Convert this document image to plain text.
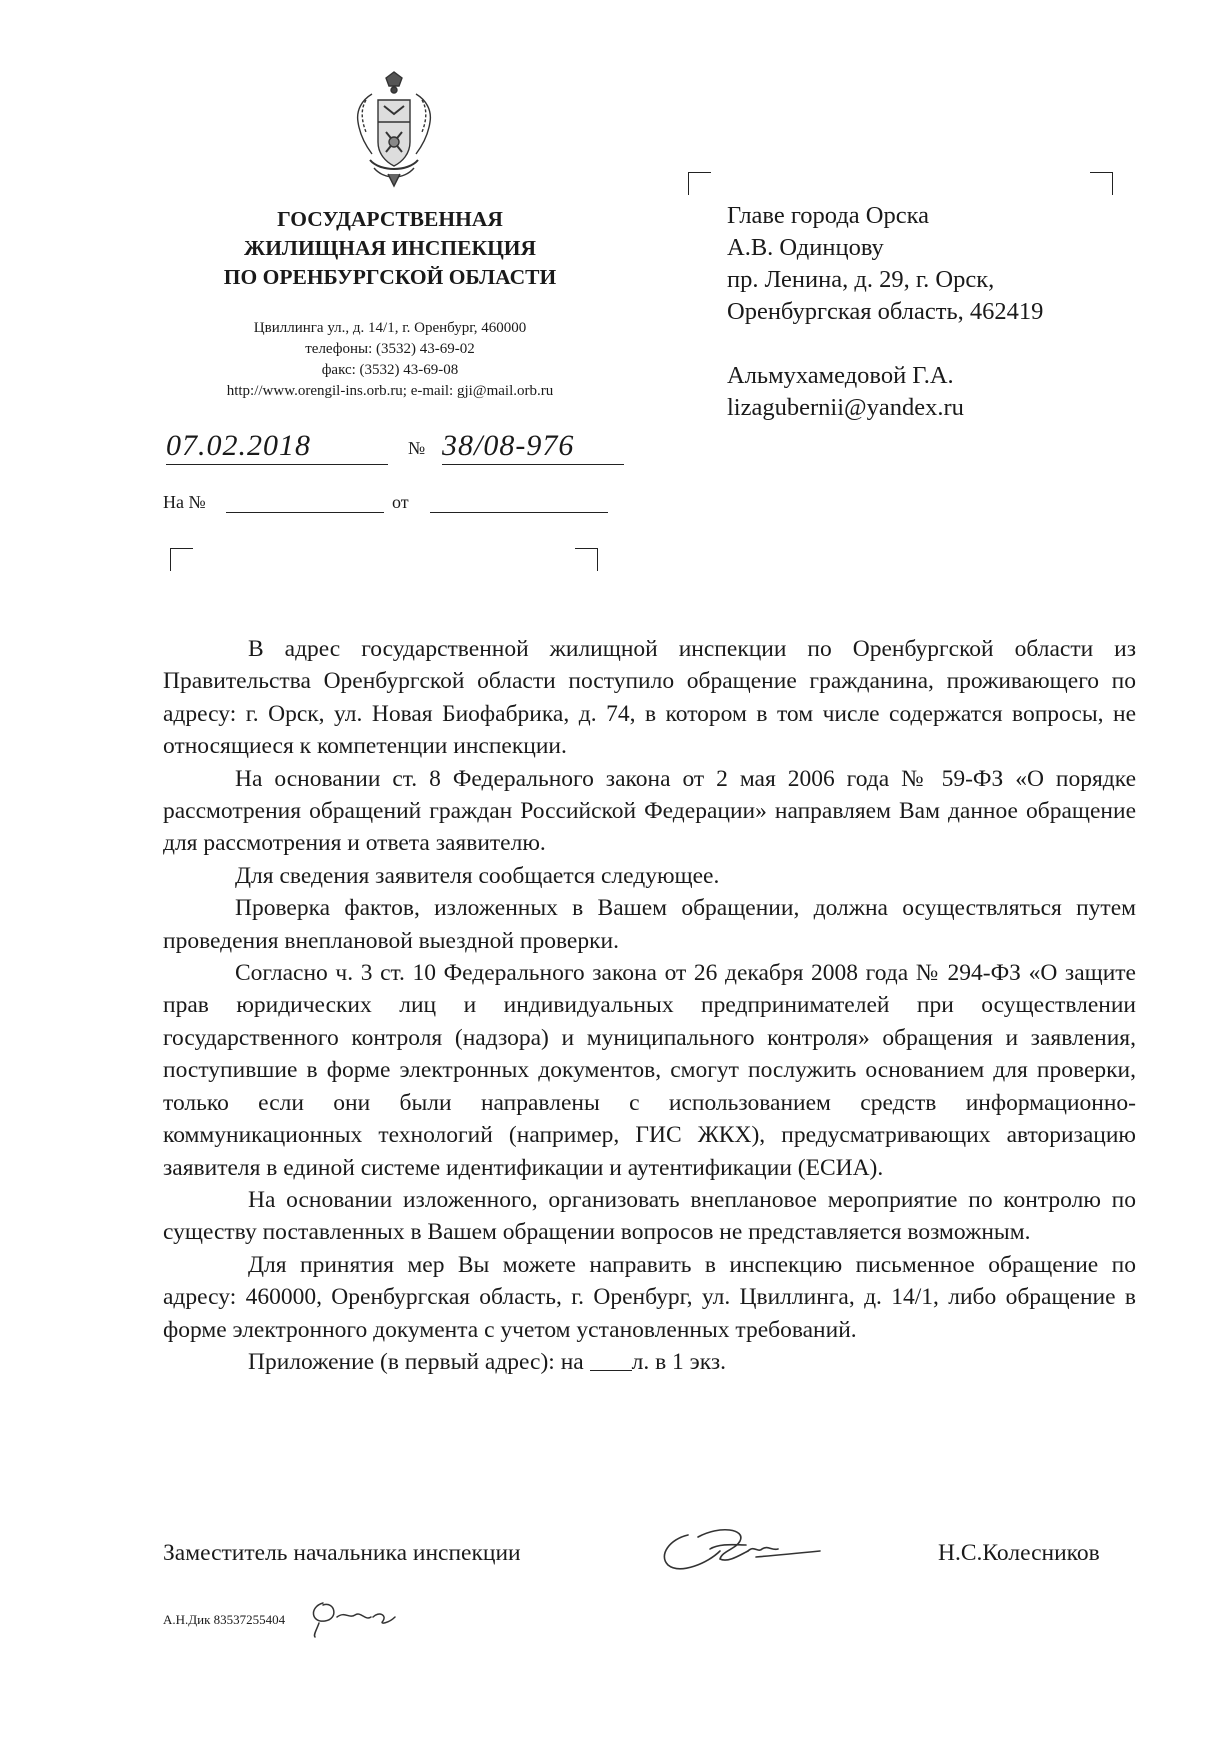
ГОСУДАРСТВЕННАЯ
ЖИЛИЩНАЯ ИНСПЕКЦИЯ
ПО ОРЕНБУРГСКОЙ ОБЛАСТИ
Цвиллинга ул., д. 14/1, г. Оренбург, 460000
телефоны: (3532) 43-69-02
факс: (3532) 43-69-08
http://www.orengil-ins.orb.ru; e-mail: gji@mail.orb.ru
07.02.2018	№ 38/08-976
На №	от
Главе города Орска
А.В. Одинцову
пр. Ленина, д. 29, г. Орск,
Оренбургская область, 462419
Альмухамедовой Г.А.
lizagubernii@yandex.ru

В адрес государственной жилищной инспекции по Оренбургской области из Правительства Оренбургской области поступило обращение гражданина, проживающего по адресу: г. Орск, ул. Новая Биофабрика, д. 74, в котором в том числе содержатся вопросы, не относящиеся к компетенции инспекции.

На основании ст. 8 Федерального закона от 2 мая 2006 года № 59-ФЗ «О порядке рассмотрения обращений граждан Российской Федерации» направляем Вам данное обращение для рассмотрения и ответа заявителю.

Для сведения заявителя сообщается следующее.

Проверка фактов, изложенных в Вашем обращении, должна осуществляться путем проведения внеплановой выездной проверки.

Согласно ч. 3 ст. 10 Федерального закона от 26 декабря 2008 года № 294-ФЗ «О защите прав юридических лиц и индивидуальных предпринимателей при осуществлении государственного контроля (надзора) и муниципального контроля» обращения и заявления, поступившие в форме электронных документов, смогут послужить основанием для проверки, только если они были направлены с использованием средств информационно-коммуникационных технологий (например, ГИС ЖКХ), предусматривающих авторизацию заявителя в единой системе идентификации и аутентификации (ЕСИА).

На основании изложенного, организовать внеплановое мероприятие по контролю по существу поставленных в Вашем обращении вопросов не представляется возможным.

Для принятия мер Вы можете направить в инспекцию письменное обращение по адресу: 460000, Оренбургская область, г. Оренбург, ул. Цвиллинга, д. 14/1, либо обращение в форме электронного документа с учетом установленных требований.

Приложение (в первый адрес): на л. в 1 экз.

Заместитель начальника инспекции	Н.С.Колесников
А.Н.Дик 83537255404
